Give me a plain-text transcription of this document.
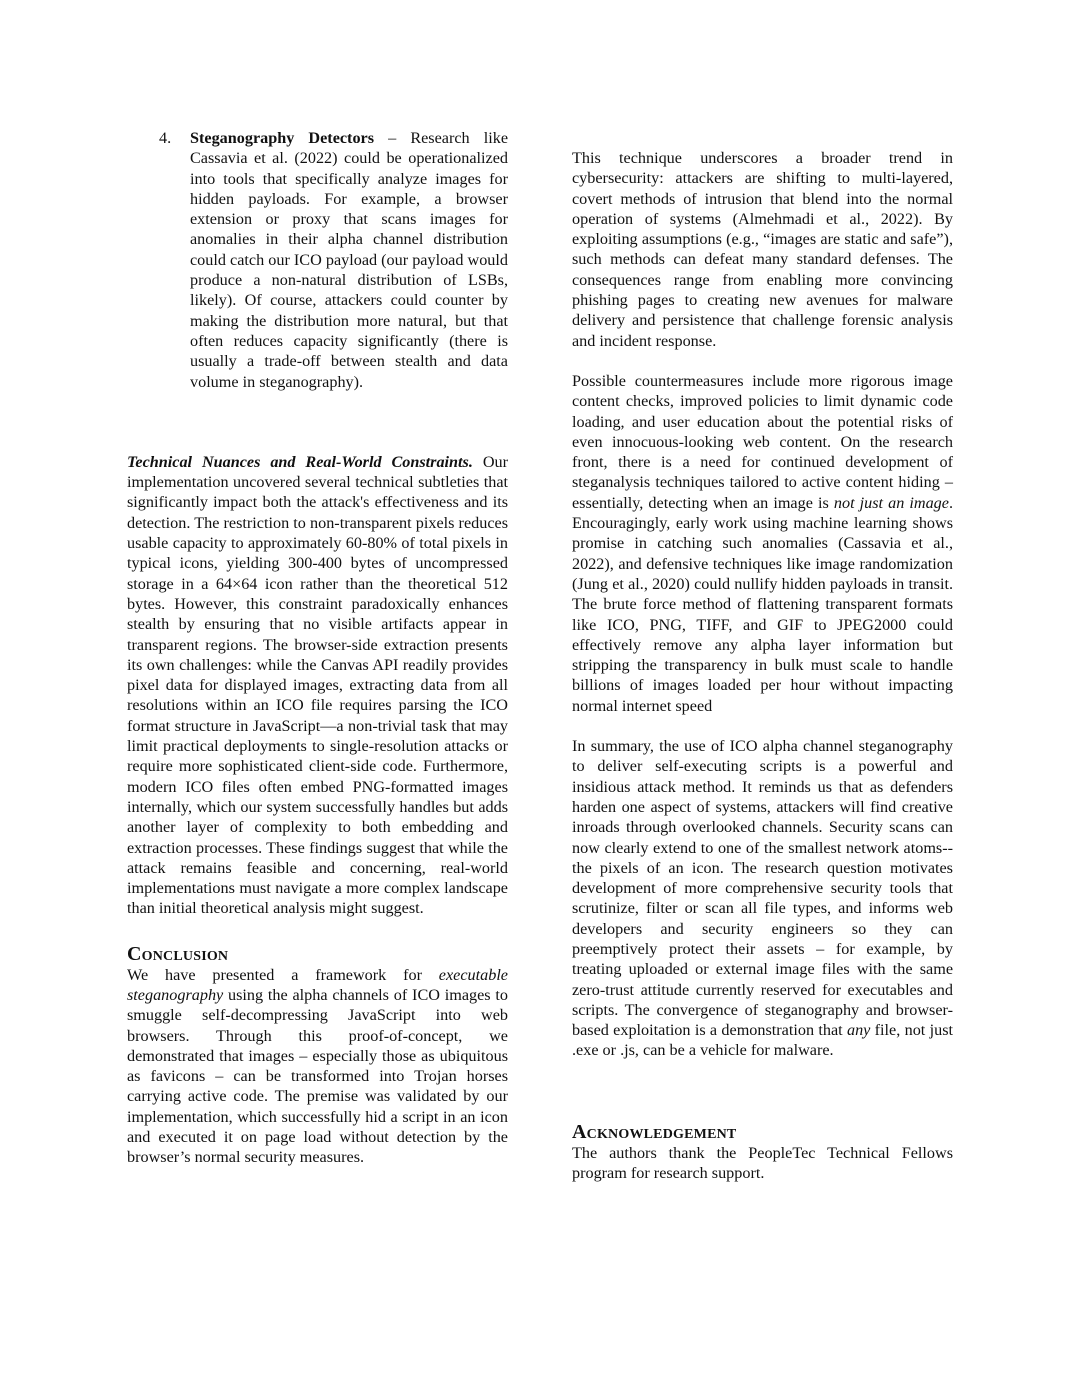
4.	Steganography Detectors – Research like Cassavia et al. (2022) could be operationalized into tools that specifically analyze images for hidden payloads. For example, a browser extension or proxy that scans images for anomalies in their alpha channel distribution could catch our ICO payload (our payload would produce a non-natural distribution of LSBs, likely). Of course, attackers could counter by making the distribution more natural, but that often reduces capacity significantly (there is usually a trade-off between stealth and data volume in steganography).

Technical Nuances and Real-World Constraints. Our implementation uncovered several technical subtleties that significantly impact both the attack's effectiveness and its detection. The restriction to non-transparent pixels reduces usable capacity to approximately 60-80% of total pixels in typical icons, yielding 300-400 bytes of uncompressed storage in a 64×64 icon rather than the theoretical 512 bytes. However, this constraint paradoxically enhances stealth by ensuring that no visible artifacts appear in transparent regions. The browser-side extraction presents its own challenges: while the Canvas API readily provides pixel data for displayed images, extracting data from all resolutions within an ICO file requires parsing the ICO format structure in JavaScript—a non-trivial task that may limit practical deployments to single-resolution attacks or require more sophisticated client-side code. Furthermore, modern ICO files often embed PNG-formatted images internally, which our system successfully handles but adds another layer of complexity to both embedding and extraction processes. These findings suggest that while the attack remains feasible and concerning, real-world implementations must navigate a more complex landscape than initial theoretical analysis might suggest.

Conclusion

We have presented a framework for executable steganography using the alpha channels of ICO images to smuggle self-decompressing JavaScript into web browsers. Through this proof-of-concept, we demonstrated that images – especially those as ubiquitous as favicons – can be transformed into Trojan horses carrying active code. The premise was validated by our implementation, which successfully hid a script in an icon and executed it on page load without detection by the browser’s normal security measures.

This technique underscores a broader trend in cybersecurity: attackers are shifting to multi-layered, covert methods of intrusion that blend into the normal operation of systems (Almehmadi et al., 2022). By exploiting assumptions (e.g., “images are static and safe”), such methods can defeat many standard defenses. The consequences range from enabling more convincing phishing pages to creating new avenues for malware delivery and persistence that challenge forensic analysis and incident response.

Possible countermeasures include more rigorous image content checks, improved policies to limit dynamic code loading, and user education about the potential risks of even innocuous-looking web content. On the research front, there is a need for continued development of steganalysis techniques tailored to active content hiding – essentially, detecting when an image is not just an image. Encouragingly, early work using machine learning shows promise in catching such anomalies (Cassavia et al., 2022), and defensive techniques like image randomization (Jung et al., 2020) could nullify hidden payloads in transit. The brute force method of flattening transparent formats like ICO, PNG, TIFF, and GIF to JPEG2000 could effectively remove any alpha layer information but stripping the transparency in bulk must scale to handle billions of images loaded per hour without impacting normal internet speed

In summary, the use of ICO alpha channel steganography to deliver self-executing scripts is a powerful and insidious attack method. It reminds us that as defenders harden one aspect of systems, attackers will find creative inroads through overlooked channels. Security scans can now clearly extend to one of the smallest network atoms--the pixels of an icon. The research question motivates development of more comprehensive security tools that scrutinize, filter or scan all file types, and informs web developers and security engineers so they can preemptively protect their assets – for example, by treating uploaded or external image files with the same zero-trust attitude currently reserved for executables and scripts. The convergence of steganography and browser-based exploitation is a demonstration that any file, not just .exe or .js, can be a vehicle for malware.

Acknowledgement

The authors thank the PeopleTec Technical Fellows program for research support.
